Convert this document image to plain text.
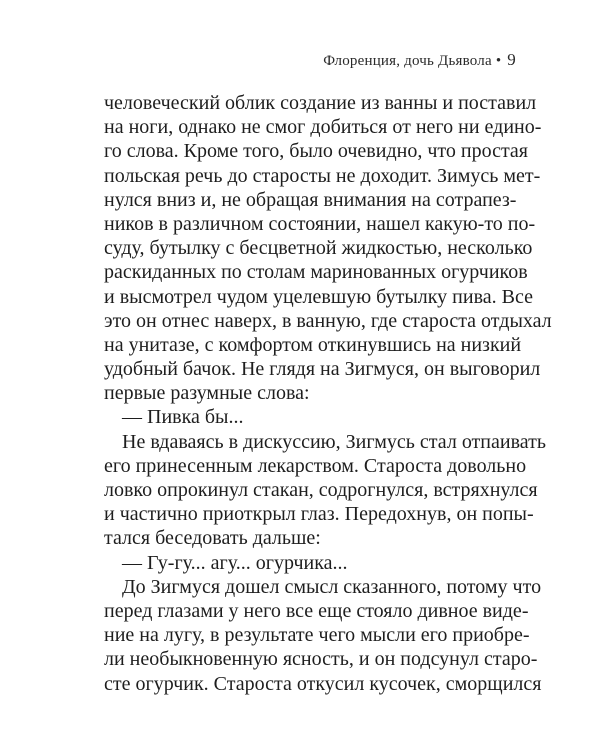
Флоренция, дочь Дьявола • 9
человеческий облик создание из ванны и поставил
на ноги, однако не смог добиться от него ни едино-
го слова. Кроме того, было очевидно, что простая
польская речь до старосты не доходит. Зимусь мет-
нулся вниз и, не обращая внимания на сотрапез-
ников в различном состоянии, нашел какую-то по-
суду, бутылку с бесцветной жидкостью, несколько
раскиданных по столам маринованных огурчиков
и высмотрел чудом уцелевшую бутылку пива. Все
это он отнес наверх, в ванную, где староста отдыхал
на унитазе, с комфортом откинувшись на низкий
удобный бачок. Не глядя на Зигмуся, он выговорил
первые разумные слова:
— Пивка бы...
Не вдаваясь в дискуссию, Зигмусь стал отпаивать
его принесенным лекарством. Староста довольно
ловко опрокинул стакан, содрогнулся, встряхнулся
и частично приоткрыл глаз. Передохнув, он попы-
тался беседовать дальше:
— Гу-гу... агу... огурчика...
До Зигмуся дошел смысл сказанного, потому что
перед глазами у него все еще стояло дивное виде-
ние на лугу, в результате чего мысли его приобре-
ли необыкновенную ясность, и он подсунул старо-
сте огурчик. Староста откусил кусочек, сморщился
